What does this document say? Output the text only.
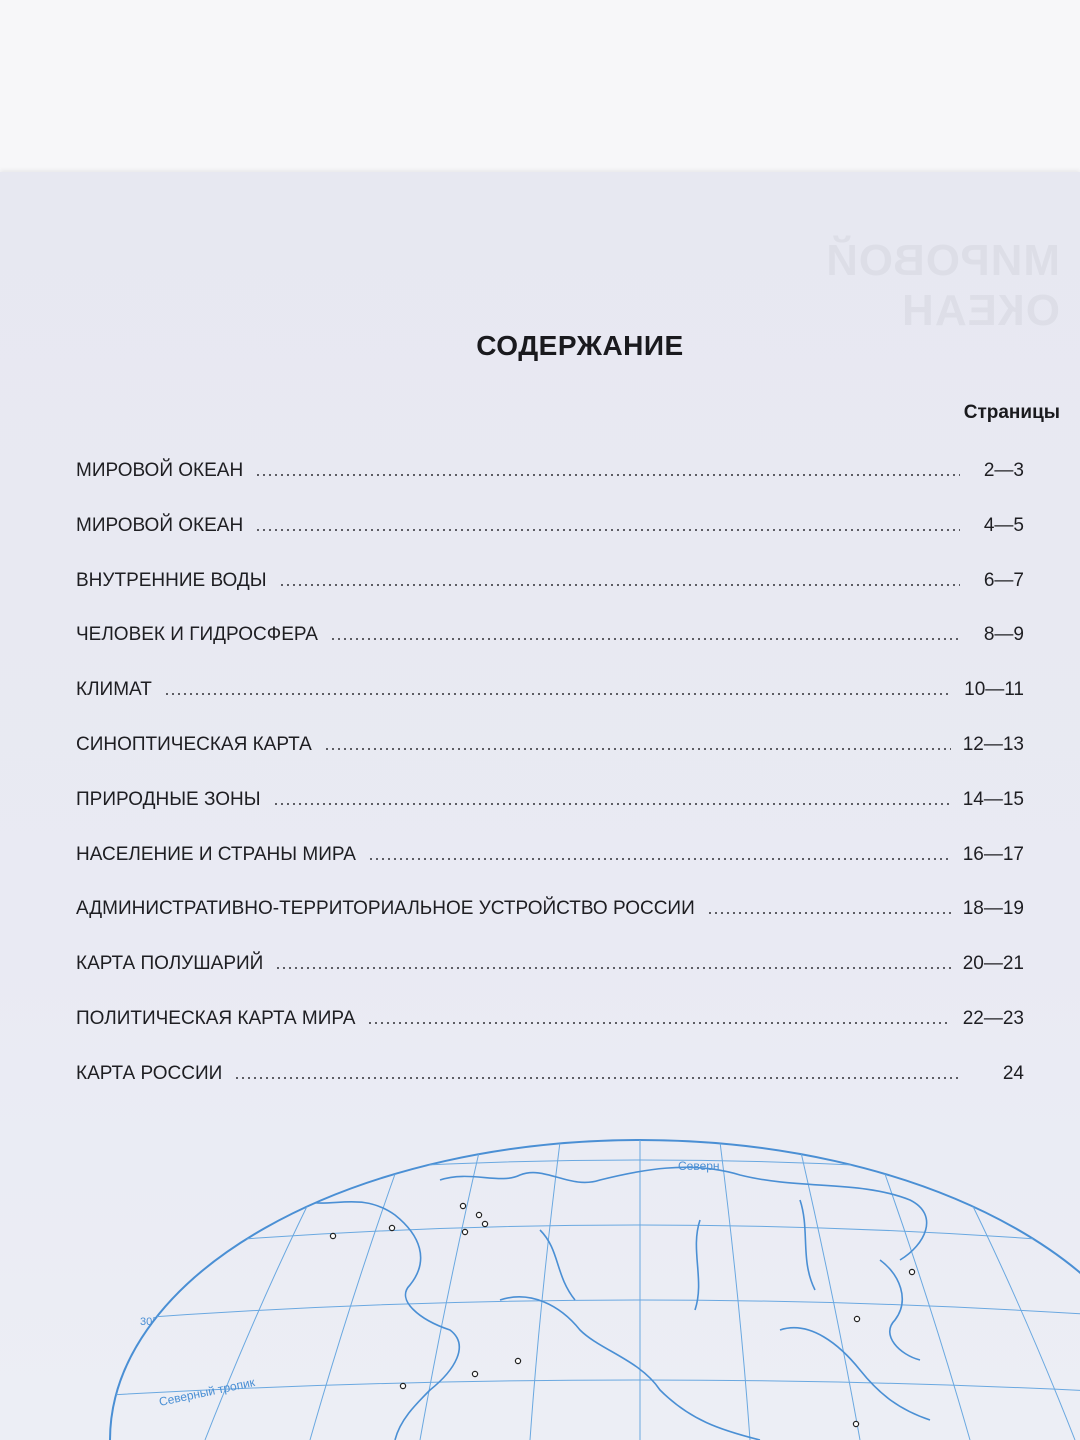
МИРОВОЙ ОКЕАН
СОДЕРЖАНИЕ
Страницы
МИРОВОЙ ОКЕАН	2—3
МИРОВОЙ ОКЕАН	4—5
ВНУТРЕННИЕ ВОДЫ	6—7
ЧЕЛОВЕК И ГИДРОСФЕРА	8—9
КЛИМАТ	10—11
СИНОПТИЧЕСКАЯ КАРТА	12—13
ПРИРОДНЫЕ ЗОНЫ	14—15
НАСЕЛЕНИЕ И СТРАНЫ МИРА	16—17
АДМИНИСТРАТИВНО-ТЕРРИТОРИАЛЬНОЕ УСТРОЙСТВО РОССИИ	18—19
КАРТА ПОЛУШАРИЙ	20—21
ПОЛИТИЧЕСКАЯ КАРТА МИРА	22—23
КАРТА РОССИИ	24
Северный тропик
Северн
30°
